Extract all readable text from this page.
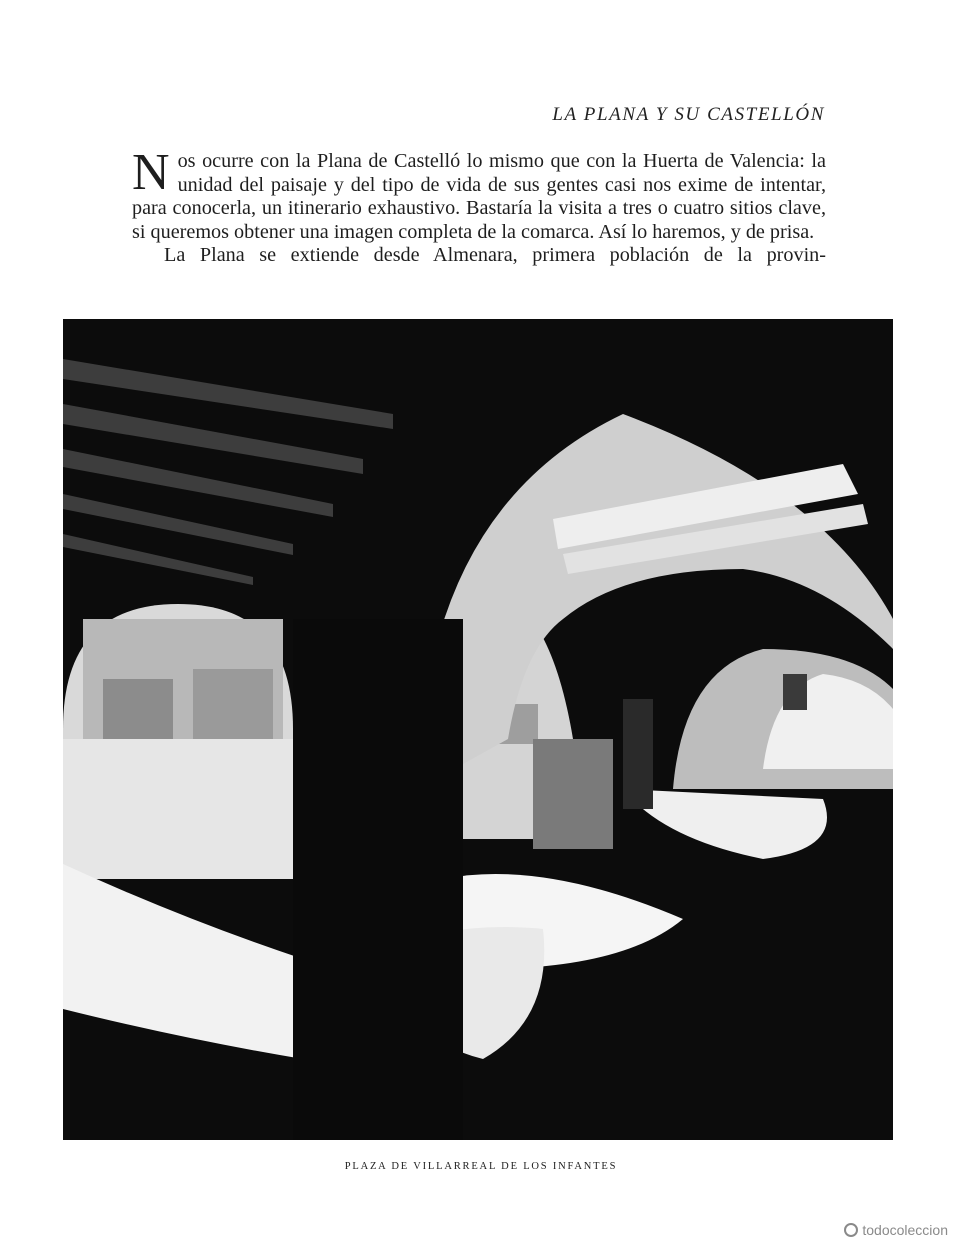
LA PLANA Y SU CASTELLÓN

Nos ocurre con la Plana de Castelló lo mismo que con la Huerta de Valencia: la unidad del paisaje y del tipo de vida de sus gentes casi nos exime de intentar, para conocerla, un itinerario exhaustivo. Bastaría la visita a tres o cuatro sitios clave, si queremos obtener una imagen completa de la comarca. Así lo haremos, y de prisa.

La Plana se extiende desde Almenara, primera población de la provin-

PLAZA DE VILLARREAL DE LOS INFANTES
todocoleccion
